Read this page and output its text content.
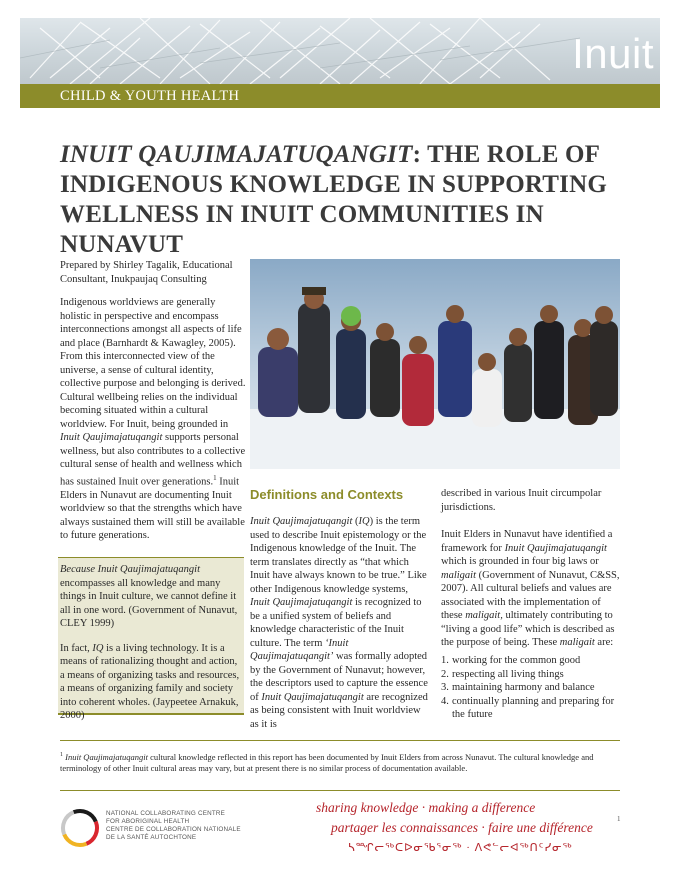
Inuit
CHILD & YOUTH HEALTH
INUIT QAUJIMAJATUQANGIT: THE ROLE OF INDIGENOUS KNOWLEDGE IN SUPPORTING WELLNESS IN INUIT COMMUNITIES IN NUNAVUT

Prepared by Shirley Tagalik, Educational Consultant, Inukpaujaq Consulting

Indigenous worldviews are generally holistic in perspective and encompass interconnections amongst all aspects of life and place (Barnhardt & Kawagley, 2005). From this interconnected view of the universe, a sense of cultural identity, collective purpose and belonging is derived. Cultural wellbeing relies on the individual becoming situated within a cultural worldview. For Inuit, being grounded in Inuit Qaujimajatuqangit supports personal wellness, but also contributes to a collective cultural sense of health and wellness which has sustained Inuit over generations.$^1$ Inuit Elders in Nunavut are documenting Inuit worldview so that the strengths which have always sustained them will still be available to future generations.

Because Inuit Qaujimajatuqangit encompasses all knowledge and many things in Inuit culture, we cannot define it all in one word. (Government of Nunavut, CLEY 1999)

In fact, IQ is a living technology. It is a means of rationalizing thought and action, a means of organizing tasks and resources, a means of organizing family and society into coherent wholes. (Jaypeetee Arnakuk, 2000)

Definitions and Contexts

Inuit Qaujimajatuqangit (IQ) is the term used to describe Inuit epistemology or the Indigenous knowledge of the Inuit. The term translates directly as “that which Inuit have always known to be true.” Like other Indigenous knowledge systems, Inuit Qaujimajatuqangit is recognized to be a unified system of beliefs and knowledge characteristic of the Inuit culture. The term ‘Inuit Qaujimajatuqangit’ was formally adopted by the Government of Nunavut; however, the descriptors used to capture the essence of Inuit Qaujimajatuqangit are recognized as being consistent with Inuit worldview as it is

described in various Inuit circumpolar jurisdictions.

Inuit Elders in Nunavut have identified a framework for Inuit Qaujimajatuqangit which is grounded in four big laws or maligait (Government of Nunavut, C&SS, 2007). All cultural beliefs and values are associated with the implementation of these maligait, ultimately contributing to “living a good life” which is described as the purpose of being. These maligait are:

1. working for the common good
2. respecting all living things
3. maintaining harmony and balance
4. continually planning and preparing for the future

$^1$ Inuit Qaujimajatuqangit cultural knowledge reflected in this report has been documented by Inuit Elders from across Nunavut. The cultural knowledge and terminology of other Inuit cultural areas may vary, but at present there is no similar process of documentation available.

NATIONAL COLLABORATING CENTRE
FOR ABORIGINAL HEALTH
CENTRE DE COLLABORATION NATIONALE
DE LA SANTÉ AUTOCHTONE
sharing knowledge · making a difference
partager les connaissances · faire une différence
ᓴᙱᓕᖅᑕᐅᓂᖃᕐᓂᖅ · ᐱᕙᓪᓕᐊᖅᑎᑦᓯᓂᖅ
1
